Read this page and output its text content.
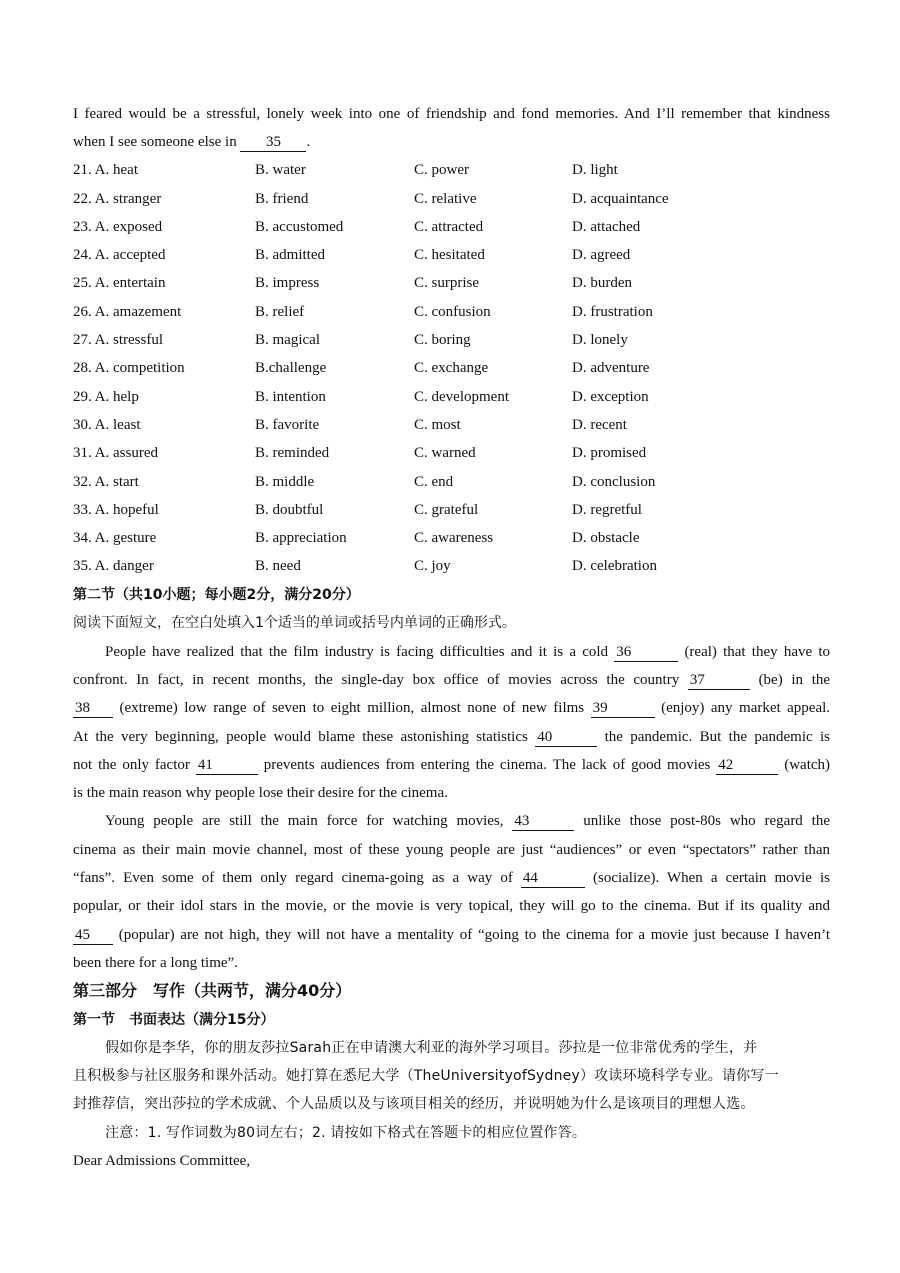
I feared would be a stressful, lonely week into one of friendship and fond memories. And I’ll remember that kindness
when I see someone else in 35 .
21. A. heat	B. water	C. power	D. light
22. A. stranger	B. friend	C. relative	D. acquaintance
23. A. exposed	B. accustomed	C. attracted	D. attached
24. A. accepted	B. admitted	C. hesitated	D. agreed
25. A. entertain	B. impress	C. surprise	D. burden
26. A. amazement	B. relief	C. confusion	D. frustration
27. A. stressful	B. magical	C. boring	D. lonely
28. A. competition	B.challenge	C. exchange	D. adventure
29. A. help	B. intention	C. development	D. exception
30. A. least	B. favorite	C. most	D. recent
31. A. assured	B. reminded	C. warned	D. promised
32. A. start	B. middle	C. end	D. conclusion
33. A. hopeful	B. doubtful	C. grateful	D. regretful
34. A. gesture	B. appreciation	C. awareness	D. obstacle
35. A. danger	B. need	C. joy	D. celebration
第二节（共10小题；每小题2分，满分20分）
阅读下面短文，在空白处填入1个适当的单词或括号内单词的正确形式。
People have realized that the film industry is facing difficulties and it is a cold 36	(real) that they have to
confront. In fact, in recent months, the single-day box office of movies across the country 37	(be) in the
38 (extreme) low range of seven to eight million, almost none of new films 39	(enjoy) any market appeal.
At the very beginning, people would blame these astonishing statistics 40	the pandemic. But the pandemic is
not the only factor 41	prevents audiences from entering the cinema. The lack of good movies 42	(watch)
is the main reason why people lose their desire for the cinema.
Young people are still the main force for watching movies, 43	unlike those post-80s who regard the
cinema as their main movie channel, most of these young people are just “audiences” or even “spectators” rather than
“fans”. Even some of them only regard cinema-going as a way of 44	(socialize). When a certain movie is
popular, or their idol stars in the movie, or the movie is very topical, they will go to the cinema. But if its quality and
45 (popular) are not high, they will not have a mentality of “going to the cinema for a movie just because I haven’t
been there for a long time”.
第三部分　写作（共两节，满分40分）
第一节　书面表达（满分15分）
假如你是李华，你的朋友莎拉Sarah正在申请澳大利亚的海外学习项目。莎拉是一位非常优秀的学生，并
且积极参与社区服务和课外活动。她打算在悉尼大学（TheUniversityofSydney）攻读环境科学专业。请你写一
封推荐信，突出莎拉的学术成就、个人品质以及与该项目相关的经历，并说明她为什么是该项目的理想人选。
注意：1. 写作词数为80词左右；2. 请按如下格式在答题卡的相应位置作答。
Dear Admissions Committee,
